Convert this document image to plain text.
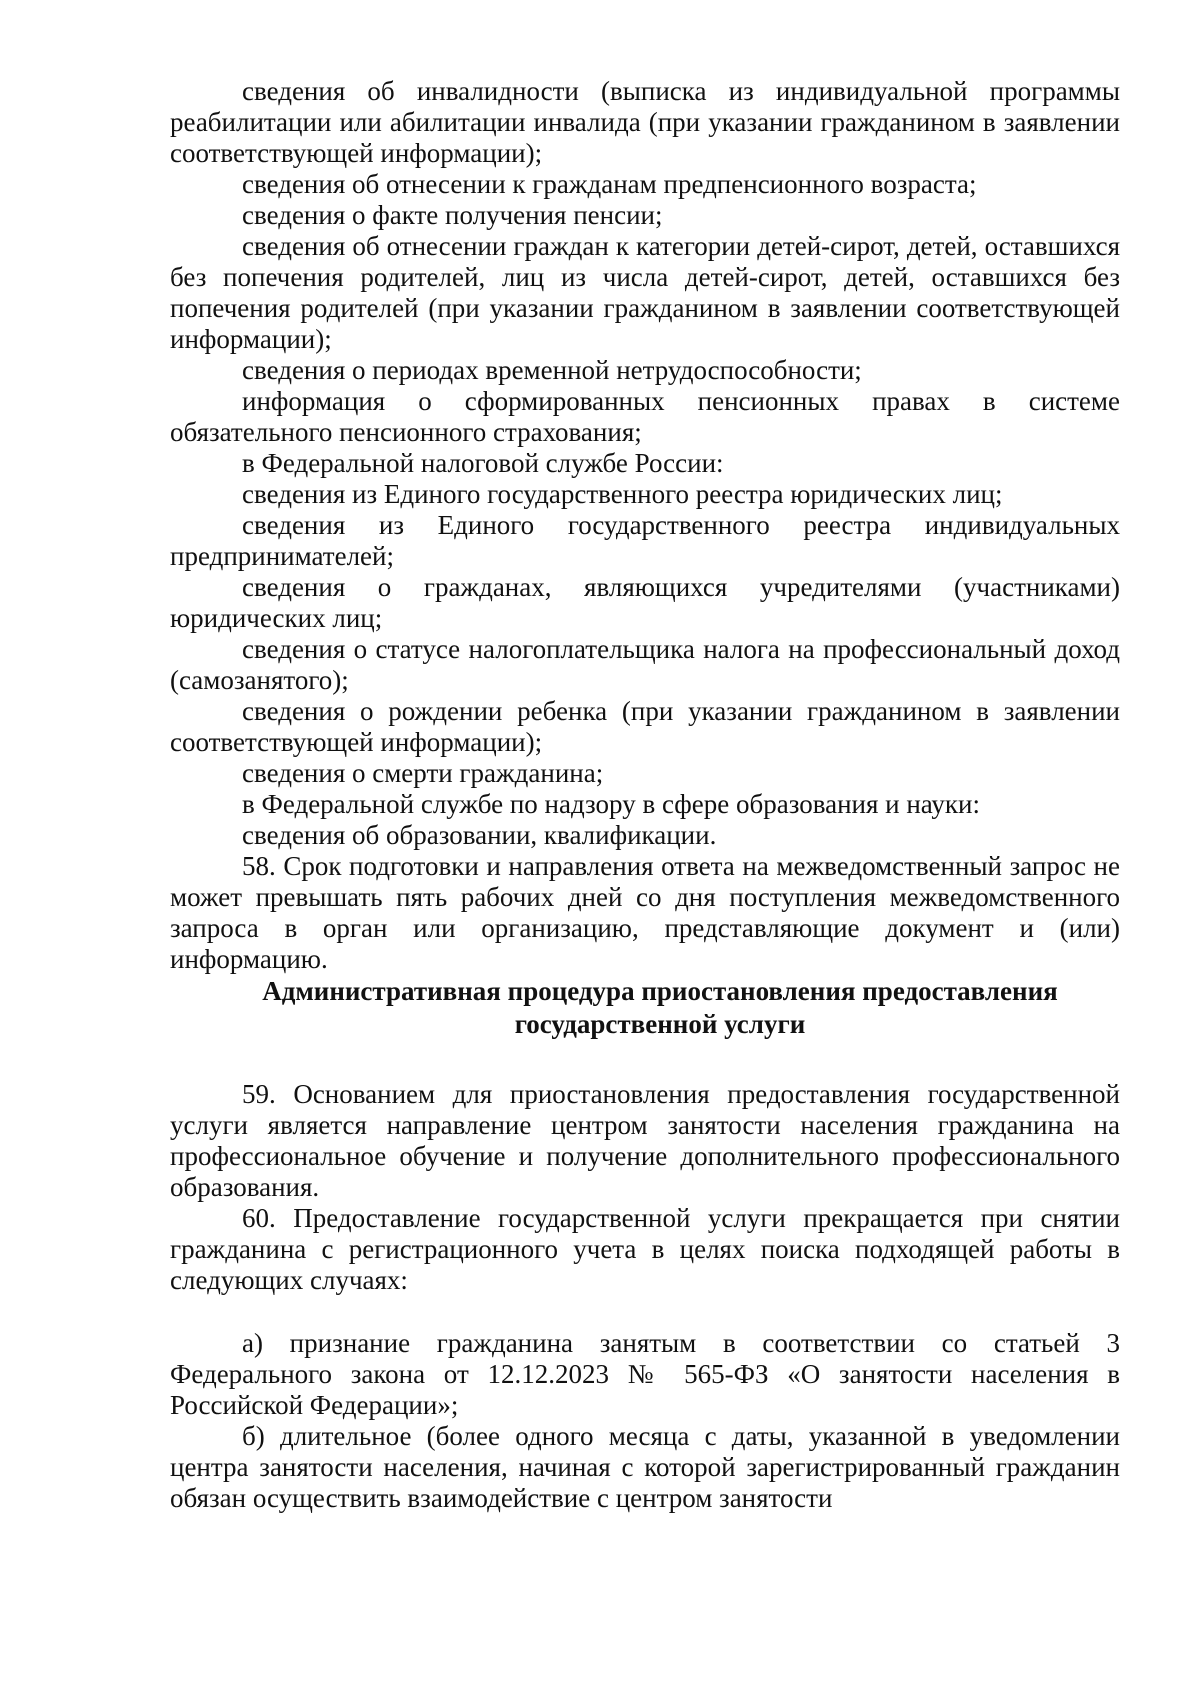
сведения об инвалидности (выписка из индивидуальной программы реабилитации или абилитации инвалида (при указании гражданином в заявлении соответствующей информации);

сведения об отнесении к гражданам предпенсионного возраста;

сведения о факте получения пенсии;

сведения об отнесении граждан к категории детей-сирот, детей, оставшихся без попечения родителей, лиц из числа детей-сирот, детей, оставшихся без попечения родителей (при указании гражданином в заявлении соответствующей информации);

сведения о периодах временной нетрудоспособности;

информация о сформированных пенсионных правах в системе обязательного пенсионного страхования;

в Федеральной налоговой службе России:

сведения из Единого государственного реестра юридических лиц;

сведения из Единого государственного реестра индивидуальных предпринимателей;

сведения о гражданах, являющихся учредителями (участниками) юридических лиц;

сведения о статусе налогоплательщика налога на профессиональный доход (самозанятого);

сведения о рождении ребенка (при указании гражданином в заявлении соответствующей информации);

сведения о смерти гражданина;

в Федеральной службе по надзору в сфере образования и науки:

сведения об образовании, квалификации.

58. Срок подготовки и направления ответа на межведомственный запрос не может превышать пять рабочих дней со дня поступления межведомственного запроса в орган или организацию, представляющие документ и (или) информацию.

Административная процедура приостановления предоставления
государственной услуги

59. Основанием для приостановления предоставления государственной услуги является направление центром занятости населения гражданина на профессиональное обучение и получение дополнительного профессионального образования.

60. Предоставление государственной услуги прекращается при снятии гражданина с регистрационного учета в целях поиска подходящей работы в следующих случаях:

а) признание гражданина занятым в соответствии со статьей 3 Федерального закона от 12.12.2023 № 565-ФЗ «О занятости населения в Российской Федерации»;

б) длительное (более одного месяца с даты, указанной в уведомлении центра занятости населения, начиная с которой зарегистрированный гражданин обязан осуществить взаимодействие с центром занятости
